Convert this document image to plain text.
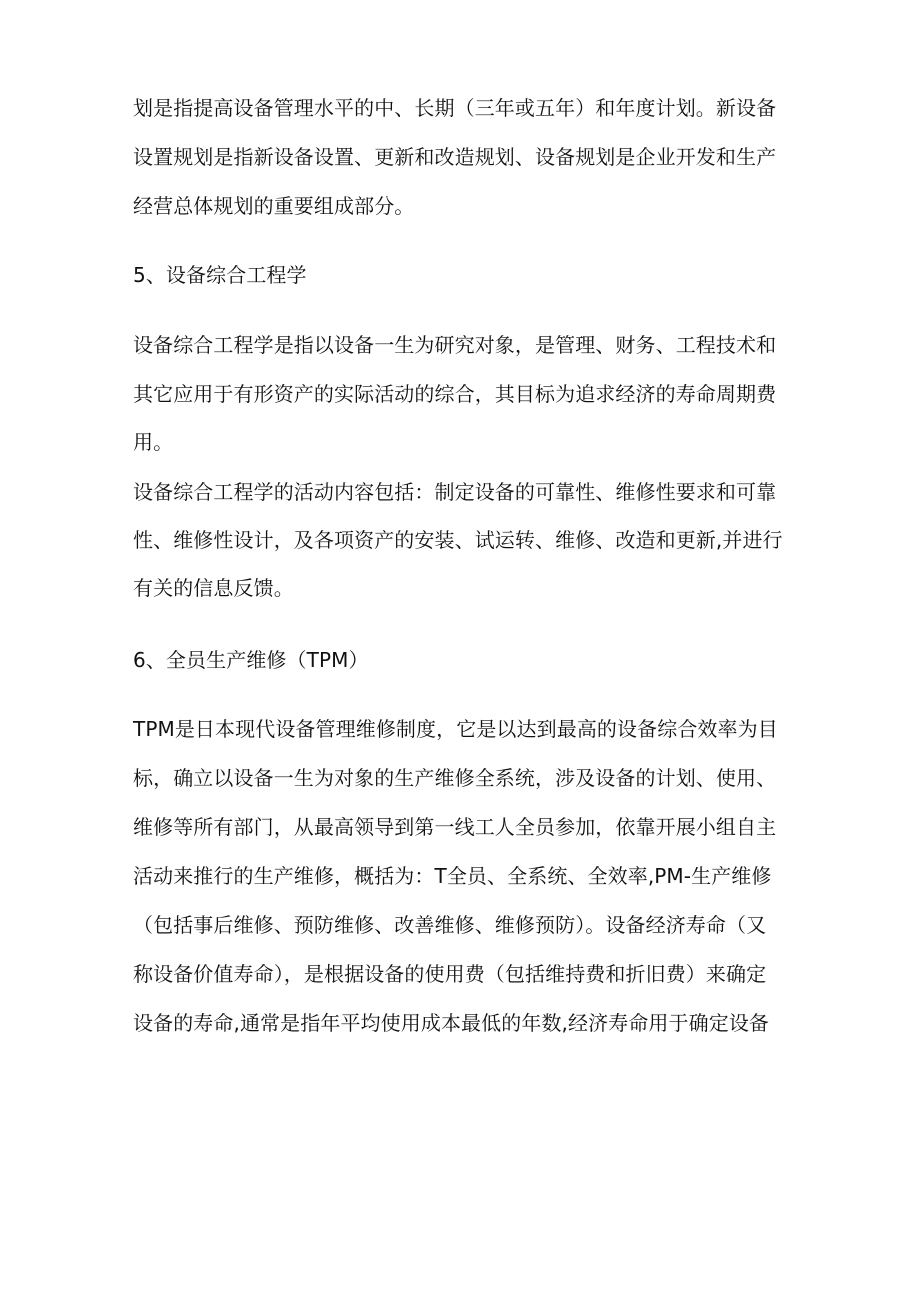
划是指提高设备管理水平的中、长期（三年或五年）和年度计划。新设备
设置规划是指新设备设置、更新和改造规划、设备规划是企业开发和生产
经营总体规划的重要组成部分。
5、设备综合工程学
设备综合工程学是指以设备一生为研究对象，是管理、财务、工程技术和
其它应用于有形资产的实际活动的综合，其目标为追求经济的寿命周期费
用。
设备综合工程学的活动内容包括：制定设备的可靠性、维修性要求和可靠
性、维修性设计，及各项资产的安装、试运转、维修、改造和更新,并进行
有关的信息反馈。
6、全员生产维修（TPM）
TPM是日本现代设备管理维修制度，它是以达到最高的设备综合效率为目
标，确立以设备一生为对象的生产维修全系统，涉及设备的计划、使用、
维修等所有部门，从最高领导到第一线工人全员参加，依靠开展小组自主
活动来推行的生产维修，概括为：T全员、全系统、全效率,PM-生产维修
（包括事后维修、预防维修、改善维修、维修预防）。设备经济寿命（又
称设备价值寿命），是根据设备的使用费（包括维持费和折旧费）来确定
设备的寿命,通常是指年平均使用成本最低的年数,经济寿命用于确定设备
